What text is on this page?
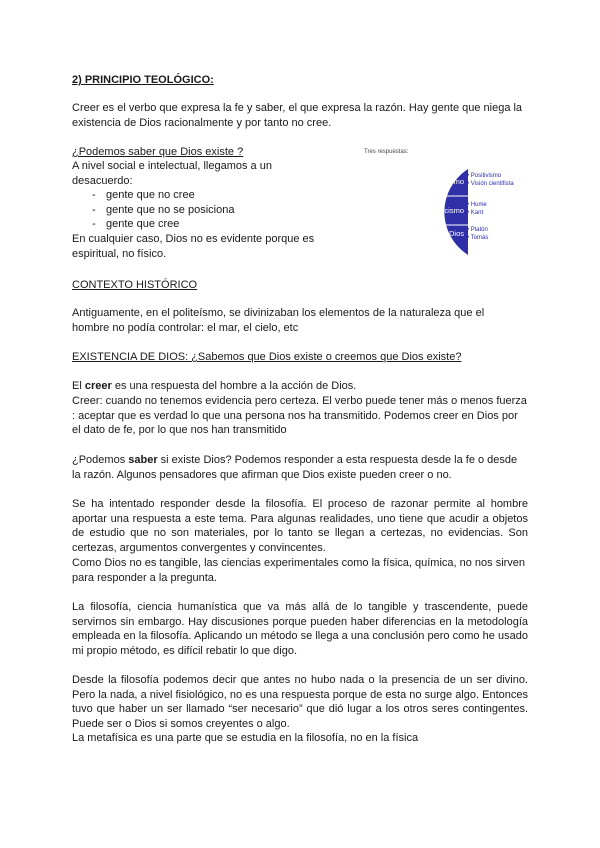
2) PRINCIPIO TEOLÓGICO:

Creer es el verbo que expresa la fe y saber, el que expresa la razón. Hay gente que niega la existencia de Dios racionalmente y por tanto no cree.

¿Podemos saber que Dios existe ?

A nivel social e intelectual, llegamos a un desacuerdo:

- gente que no cree
- gente que no se posiciona
- gente que cree

En cualquier caso, Dios no es evidente porque es espiritual, no físico.

Tres respuestas:
Ateísmo
Agnosticismo
Afirmación de Dios
• Positivismo
• Visión cientifista
• Hume
• Kant
• Platón
• Tomás

CONTEXTO HISTÓRICO

Antiguamente, en el politeísmo, se divinizaban los elementos de la naturaleza que el hombre no podía controlar: el mar, el cielo, etc

EXISTENCIA DE DIOS: ¿Sabemos que Dios existe o creemos que Dios existe?

El creer es una respuesta del hombre a la acción de Dios.

Creer: cuando no tenemos evidencia pero certeza. El verbo puede tener más o menos fuerza : aceptar que es verdad lo que una persona nos ha transmitido. Podemos creer en Dios por el dato de fe, por lo que nos han transmitido

¿Podemos saber si existe Dios? Podemos responder a esta respuesta desde la fe o desde la razón. Algunos pensadores que afirman que Dios existe pueden creer o no.

Se ha intentado responder desde la filosofía. El proceso de razonar permite al hombre aportar una respuesta a este tema. Para algunas realidades, uno tiene que acudir a objetos de estudio que no son materiales, por lo tanto se llegan a certezas, no evidencias. Son certezas, argumentos convergentes y convincentes.

Como Dios no es tangible, las ciencias experimentales como la física, química, no nos sirven para responder a la pregunta.

La filosofía, ciencia humanística que va más allá de lo tangible y trascendente, puede servirnos sin embargo. Hay discusiones porque pueden haber diferencias en la metodología empleada en la filosofía. Aplicando un método se llega a una conclusión pero como he usado mi propio método, es difícil rebatir lo que digo.

Desde la filosofía podemos decir que antes no hubo nada o la presencia de un ser divino. Pero la nada, a nivel fisiológico, no es una respuesta porque de esta no surge algo. Entonces tuvo que haber un ser llamado “ser necesario” que dió lugar a los otros seres contingentes. Puede ser o Dios si somos creyentes o algo.

La metafísica es una parte que se estudia en la filosofía, no en la física
